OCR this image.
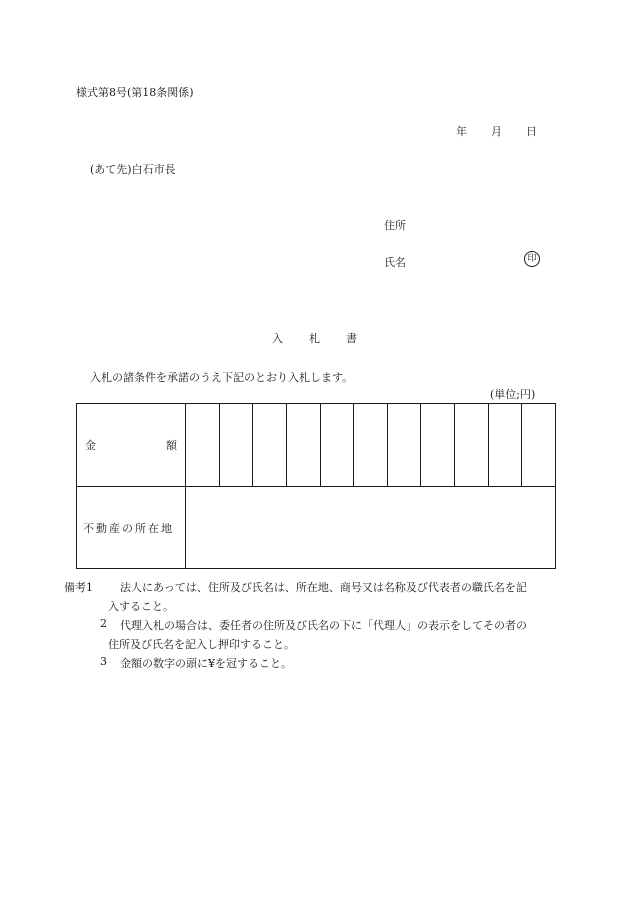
様式第8号(第18条関係)
年 月 日
(あて先)白石市長
住所
氏名	印
入 札 書
入札の諸条件を承諾のうえ下記のとおり入札します。
(単位;円)
金 額											

不動産の所在地											

備考1 法人にあっては、住所及び氏名は、所在地、商号又は名称及び代表者の職氏名を記
入すること。
2 代理入札の場合は、委任者の住所及び氏名の下に「代理人」の表示をしてその者の
住所及び氏名を記入し押印すること。
3 金額の数字の頭に¥を冠すること。
